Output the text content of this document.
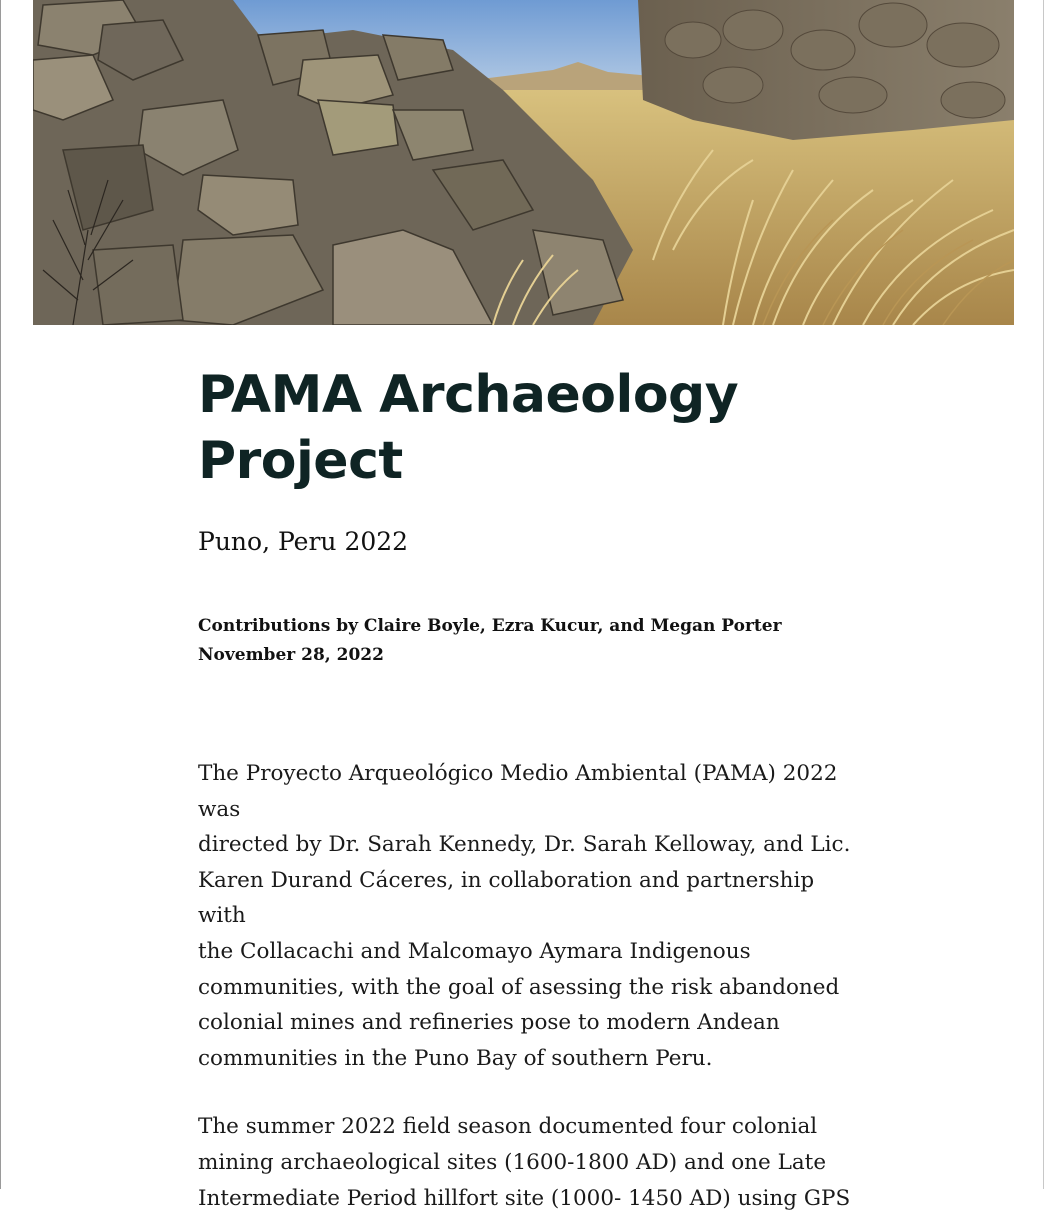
PAMA Archaeology Project

Puno, Peru 2022

Contributions by Claire Boyle, Ezra Kucur, and Megan Porter
November 28, 2022

The Proyecto Arqueológico Medio Ambiental (PAMA) 2022 was
directed by Dr. Sarah Kennedy, Dr. Sarah Kelloway, and Lic.
Karen Durand Cáceres, in collaboration and partnership with
the Collacachi and Malcomayo Aymara Indigenous
communities, with the goal of asessing the risk abandoned
colonial mines and refineries pose to modern Andean
communities in the Puno Bay of southern Peru.

The summer 2022 field season documented four colonial
mining archaeological sites (1600-1800 AD) and one Late
Intermediate Period hillfort site (1000- 1450 AD) using GPS
